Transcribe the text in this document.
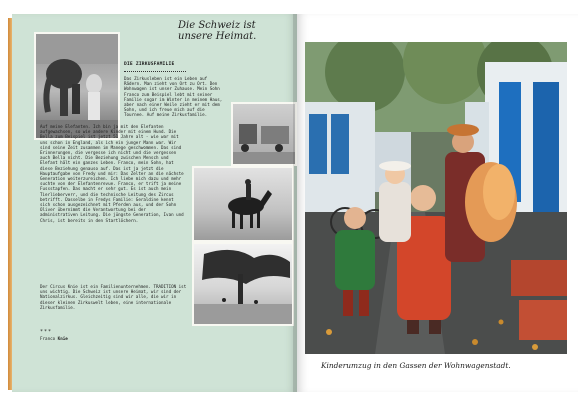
Die Schweiz ist unsere Heimat.
DIE ZIRKUSFAMILIE
Das Zirkusleben ist ein Leben auf Rädern. Man zieht von Ort zu Ort. Den Wohnwagen ist unser Zuhause. Mein Sohn Franco zum Beispiel lebt mit seiner Familie sogar im Winter in meinem Haus, aber nach einer Weile zieht er mit dem Sohn, und ich freue mich auf die Tournee. Auf meine Zirkusfamilie.
Auf meine Elefanten. Ich bin ja mit den Elefanten aufgewachsen, so wie andere Kinder mit einem Hund. Die Bella zum Beispiel ist jetzt 51 Jahre alt - wie war mit uns schon in England, als ich ein junger Mann war. Wir sind seine Zeit zusammen im Manege geschwommen. Das sind Erinnerungen, die vergesse ich nicht und die vergessen auch Bella nicht. Die Beziehung zwischen Mensch und Elefant hält ein ganzes Leben. Franco, mein Sohn, hat diese Beziehung genauso auf. Das ist ja jetzt die Hauptaufgabe von Fredy und mir: Das Zelter an die nächste Generation weiterzureichen. Ich liebe mich dazu und mehr suchte von der Elefantenrevue. Franco, er trift ja meine Fussstapfen. Das macht er sehr gut. Es ist auch mein Tierlieberverr, und die technische Leitung des Zircus betrifft. Dasselbe in Fredys Familie: Geraldine kennt sich schon ausgezeichnet mit Pferden aus, und der Sohn Oliver übernimmt die Verantwortung bei der administrativen Leitung. Die jüngste Generation, Ivan und Chris, ist bereits in den Startlöchern.
Der Circus Knie ist ein Familienunternehmen. TRADITION ist uns wichtig. Die Schweiz ist unsere Heimat, wir sind der Nationalzirkus. Gleichzeitig sind wir alle, die wir in dieser kleinen Zirkuswelt leben, eine internationale Zirkusfamilie.
***
Franco Knie
Kinderumzug in den Gassen der Wohnwagenstadt.
